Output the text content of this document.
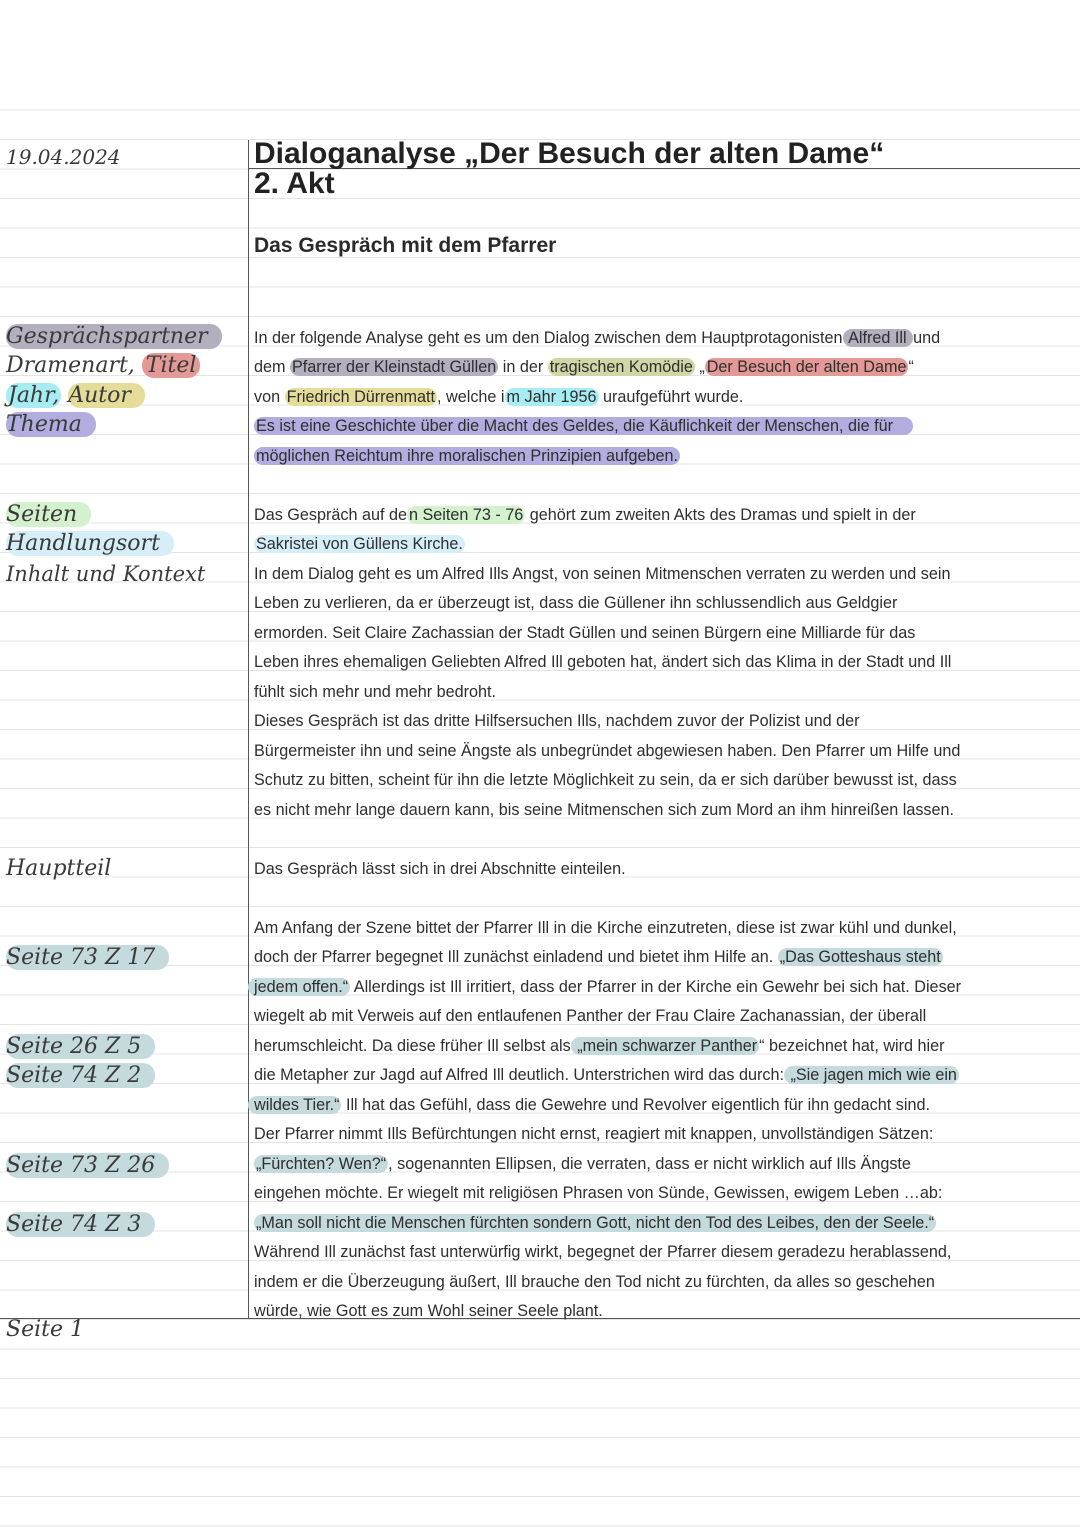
19.04.2024	Dialoganalyse „Der Besuch der alten Dame“
2. Akt
Das Gespräch mit dem Pfarrer
Gesprächspartner
Dramenart, Titel
Jahr, Autor
Thema
Seiten
Handlungsort
Inhalt und Kontext
Hauptteil
Seite 73 Z 17
Seite 26 Z 5
Seite 74 Z 2
Seite 73 Z 26
Seite 74 Z 3
Seite 1
In der folgende Analyse geht es um den Dialog zwischen dem Hauptprotagonisten Alfred Ill und
dem Pfarrer der Kleinstadt Güllen in der tragischen Komödie „ Der Besuch der alten Dame “
von Friedrich Dürrenmatt , welche i m Jahr 1956 uraufgeführt wurde.
Es ist eine Geschichte über die Macht des Geldes, die Käuflichkeit der Menschen, die für
möglichen Reichtum ihre moralischen Prinzipien aufgeben.
Das Gespräch auf de n Seiten 73 - 76 gehört zum zweiten Akts des Dramas und spielt in der
Sakristei von Güllens Kirche.
In dem Dialog geht es um Alfred Ills Angst, von seinen Mitmenschen verraten zu werden und sein
Leben zu verlieren, da er überzeugt ist, dass die Güllener ihn schlussendlich aus Geldgier
ermorden. Seit Claire Zachassian der Stadt Güllen und seinen Bürgern eine Milliarde für das
Leben ihres ehemaligen Geliebten Alfred Ill geboten hat, ändert sich das Klima in der Stadt und Ill
fühlt sich mehr und mehr bedroht.
Dieses Gespräch ist das dritte Hilfsersuchen Ills, nachdem zuvor der Polizist und der
Bürgermeister ihn und seine Ängste als unbegründet abgewiesen haben. Den Pfarrer um Hilfe und
Schutz zu bitten, scheint für ihn die letzte Möglichkeit zu sein, da er sich darüber bewusst ist, dass
es nicht mehr lange dauern kann, bis seine Mitmenschen sich zum Mord an ihm hinreißen lassen.
Das Gespräch lässt sich in drei Abschnitte einteilen.
Am Anfang der Szene bittet der Pfarrer Ill in die Kirche einzutreten, diese ist zwar kühl und dunkel,
doch der Pfarrer begegnet Ill zunächst einladend und bietet ihm Hilfe an. „Das Gotteshaus steht
jedem offen.“ Allerdings ist Ill irritiert, dass der Pfarrer in der Kirche ein Gewehr bei sich hat. Dieser
wiegelt ab mit Verweis auf den entlaufenen Panther der Frau Claire Zachanassian, der überall
herumschleicht. Da diese früher Ill selbst als „mein schwarzer Panther “ bezeichnet hat, wird hier
die Metapher zur Jagd auf Alfred Ill deutlich. Unterstrichen wird das durch: „Sie jagen mich wie ein
wildes Tier.“ Ill hat das Gefühl, dass die Gewehre und Revolver eigentlich für ihn gedacht sind.
Der Pfarrer nimmt Ills Befürchtungen nicht ernst, reagiert mit knappen, unvollständigen Sätzen:
„Fürchten? Wen?“ , sogenannten Ellipsen, die verraten, dass er nicht wirklich auf Ills Ängste
eingehen möchte. Er wiegelt mit religiösen Phrasen von Sünde, Gewissen, ewigem Leben …ab:
„Man soll nicht die Menschen fürchten sondern Gott, nicht den Tod des Leibes, den der Seele.“
Während Ill zunächst fast unterwürfig wirkt, begegnet der Pfarrer diesem geradezu herablassend,
indem er die Überzeugung äußert, Ill brauche den Tod nicht zu fürchten, da alles so geschehen
würde, wie Gott es zum Wohl seiner Seele plant.
